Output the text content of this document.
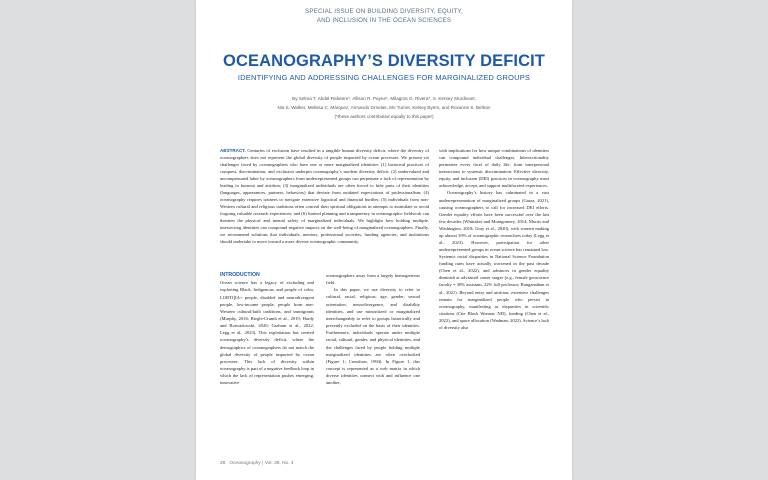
SPECIAL ISSUE ON BUILDING DIVERSITY, EQUITY,
AND INCLUSION IN THE OCEAN SCIENCES
OCEANOGRAPHY’S DIVERSITY DEFICIT
IDENTIFYING AND ADDRESSING CHALLENGES FOR MARGINALIZED GROUPS
By Selma T. Abdel-Raheem*, Allison R. Payne*, Milagros G. Rivera*, S. Kersey Sturdivant,
Nia S. Walker, Melissa C. Márquez, Armando Ornelas, Mo Turner, Kelsey Byers, and Roxanne S. Beltran
(*these authors contributed equally to this paper)

ABSTRACT. Centuries of exclusion have resulted in a tangible human diversity deficit, where the diversity of oceanographers does not represent the global diversity of people impacted by ocean processes. We present six challenges faced by oceanographers who have one or more marginalized identities: (1) historical practices of conquest, discrimination, and exclusion underpin oceanography’s modern diversity deficit; (2) undervalued and uncompensated labor by oceanographers from underrepresented groups can perpetuate a lack of representation by leading to burnout and attrition; (3) marginalized individuals are often forced to hide parts of their identities (languages, appearances, partners, behaviors) that deviate from outdated expectations of professionalism; (4) oceanography requires trainees to navigate extensive logistical and financial hurdles; (5) individuals from non-Western cultural and religious traditions often conceal their spiritual obligations in attempts to assimilate or avoid forgoing valuable research experiences; and (6) limited planning and transparency in oceanographic fieldwork can threaten the physical and mental safety of marginalized individuals. We highlight how holding multiple, intersecting identities can compound negative impacts on the well-being of marginalized oceanographers. Finally, we recommend solutions that individuals, mentors, professional societies, funding agencies, and institutions should undertake to move toward a more diverse oceanographic community.

INTRODUCTION

Ocean science has a legacy of excluding and exploiting Black, Indigenous, and people of color, LGBTQIA+ people, disabled and neurodivergent people, low-income people, people from non-Western cultural/faith traditions, and immigrants (Murphy, 2016; Riegle-Crumb et al., 2019; Hardy and Rotwadowski, 2020; Graham et al., 2022; Legg et al., 2023). This exploitation has created oceanography’s diversity deficit, where the demographics of oceanographers do not match the global diversity of people impacted by ocean processes. This lack of diversity within oceanography is part of a negative feedback loop in which the lack of representation pushes emerging, innovative

oceanographers away from a largely homogeneous field.

In this paper, we use diversity to refer to cultural, racial, religious, age, gender, sexual orientation, neurodivergence, and disability identities, and use minoritized or marginalized interchangeably to refer to groups historically and presently excluded on the basis of their identities. Furthermore, individuals operate under multiple racial, cultural, gender, and physical identities, and the challenges faced by people holding multiple marginalized identities are often overlooked (Figure 1; Crenshaw, 1994). In Figure 1, this concept is represented as a web matrix in which diverse identities connect with and influence one another,

with implications for how unique combinations of identities can compound individual challenges. Intersectionality permeates every facet of daily life, from interpersonal interactions to systemic discrimination. Effective diversity, equity, and inclusion (DEI) practices in oceanography must acknowledge, accept, and support multifaceted experiences.

Oceanography’s history has culminated in a vast underrepresentation of marginalized groups (Garza, 2021), causing oceanographers to call for increased DEI efforts. Gender equality efforts have been successful over the last few decades (Whittaker and Montgomery, 2014; Morris and Washington, 2018; Gray et al., 2020), with women making up almost 39% of oceanographic researchers today (Legg et al., 2023). However, participation for other underrepresented groups in ocean science has remained low. Systemic racial disparities in National Science Foundation funding rates have actually worsened in the past decade (Chen et al., 2022), and advances in gender equality diminish at advanced career stages (e.g., female geoscience faculty = 30% assistant, 22% full professor; Ranganathan et al., 2021). Beyond entry and attrition, extensive challenges remain for marginalized people who persist in oceanography, manifesting as disparities in scientific citations (Cite Black Women, ND), funding (Chen et al., 2022), and space allocation (Wadman, 2023). Science’s lack of diversity also

28 Oceanography | Vol. 36, No. 4
